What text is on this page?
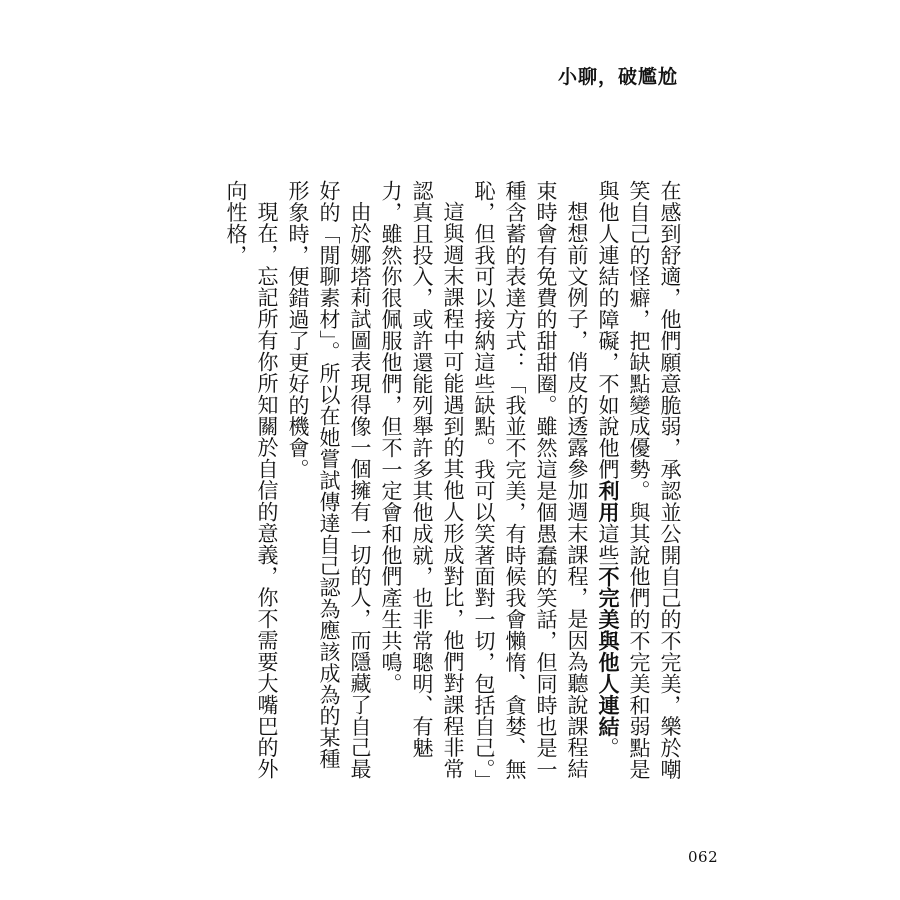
小聊，破尷尬

在感到舒適，他們願意脆弱，承認並公開自己的不完美，樂於嘲笑自己的怪癖，把缺點變成優勢。與其說他們的不完美和弱點是與他人連結的障礙，不如說他們利用這些不完美與他人連結。

想想前文例子，俏皮的透露參加週末課程，是因為聽說課程結束時會有免費的甜甜圈。雖然這是個愚蠢的笑話，但同時也是一種含蓄的表達方式：「我並不完美，有時候我會懶惰、貪婪、無恥，但我可以接納這些缺點。我可以笑著面對一切，包括自己。」

這與週末課程中可能遇到的其他人形成對比，他們對課程非常認真且投入，或許還能列舉許多其他成就，也非常聰明、有魅力，雖然你很佩服他們，但不一定會和他們產生共鳴。

由於娜塔莉試圖表現得像一個擁有一切的人，而隱藏了自己最好的「閒聊素材」。所以在她嘗試傳達自己認為應該成為的某種形象時，便錯過了更好的機會。

現在，忘記所有你所知關於自信的意義，你不需要大嘴巴的外向性格，

062
